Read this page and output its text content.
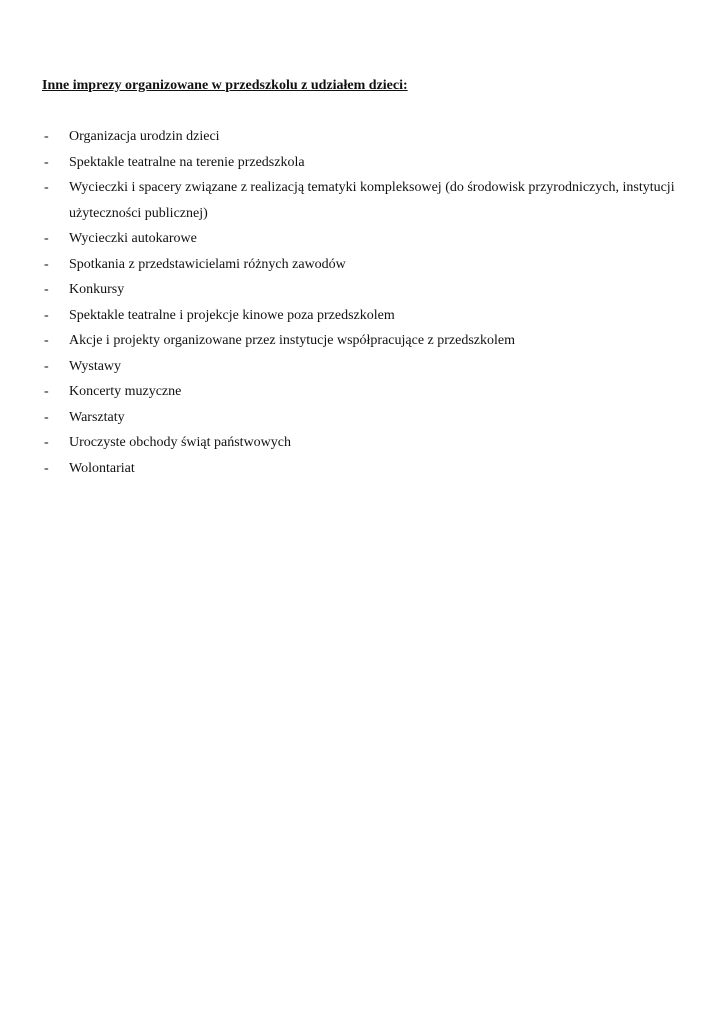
Inne imprezy organizowane w przedszkolu z udziałem dzieci:
- Organizacja urodzin dzieci
- Spektakle teatralne na terenie przedszkola
- Wycieczki i spacery związane z realizacją tematyki kompleksowej (do środowisk przyrodniczych, instytucji użyteczności publicznej)
- Wycieczki autokarowe
- Spotkania z przedstawicielami różnych zawodów
- Konkursy
- Spektakle teatralne i projekcje kinowe poza przedszkolem
- Akcje i projekty organizowane przez instytucje współpracujące z przedszkolem
- Wystawy
- Koncerty muzyczne
- Warsztaty
- Uroczyste obchody świąt państwowych
- Wolontariat
